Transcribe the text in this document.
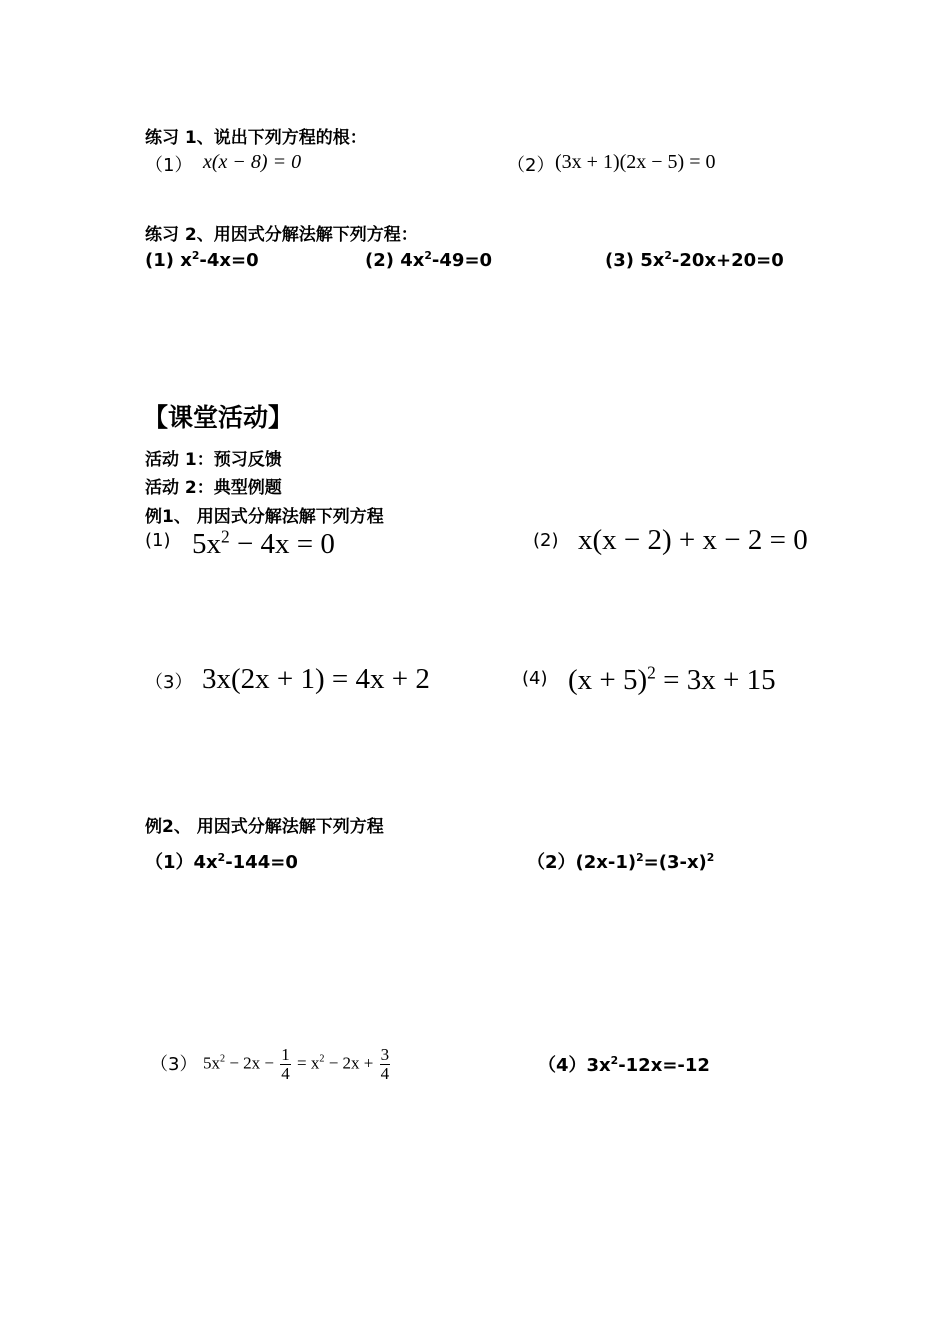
练习 1、说出下列方程的根：
（1） x(x − 8) = 0	（2） (3x + 1)(2x − 5) = 0
练习 2、用因式分解法解下列方程：
(1) $x^2-4x=0$	(2) $4x^2-49=0$	(3) $5x^2-20x+20=0$
【课堂活动】
活动 1：预习反馈
活动 2：典型例题
例1、 用因式分解法解下列方程
(1) $5x^2 - 4x = 0$	(2) x(x − 2) + x − 2 = 0
（3） 3x(2x + 1) = 4x + 2	(4) $(x + 5)^2 = 3x + 15$
例2、 用因式分解法解下列方程
$(1)4x^2-144=0$	$(2)(2x-1)^2=(3-x)^2$
（3） $5x^2 - 2x - \frac{1}{4} = x^2 - 2x + \frac{3}{4}$	$(4)3x^2-12x=-12$
